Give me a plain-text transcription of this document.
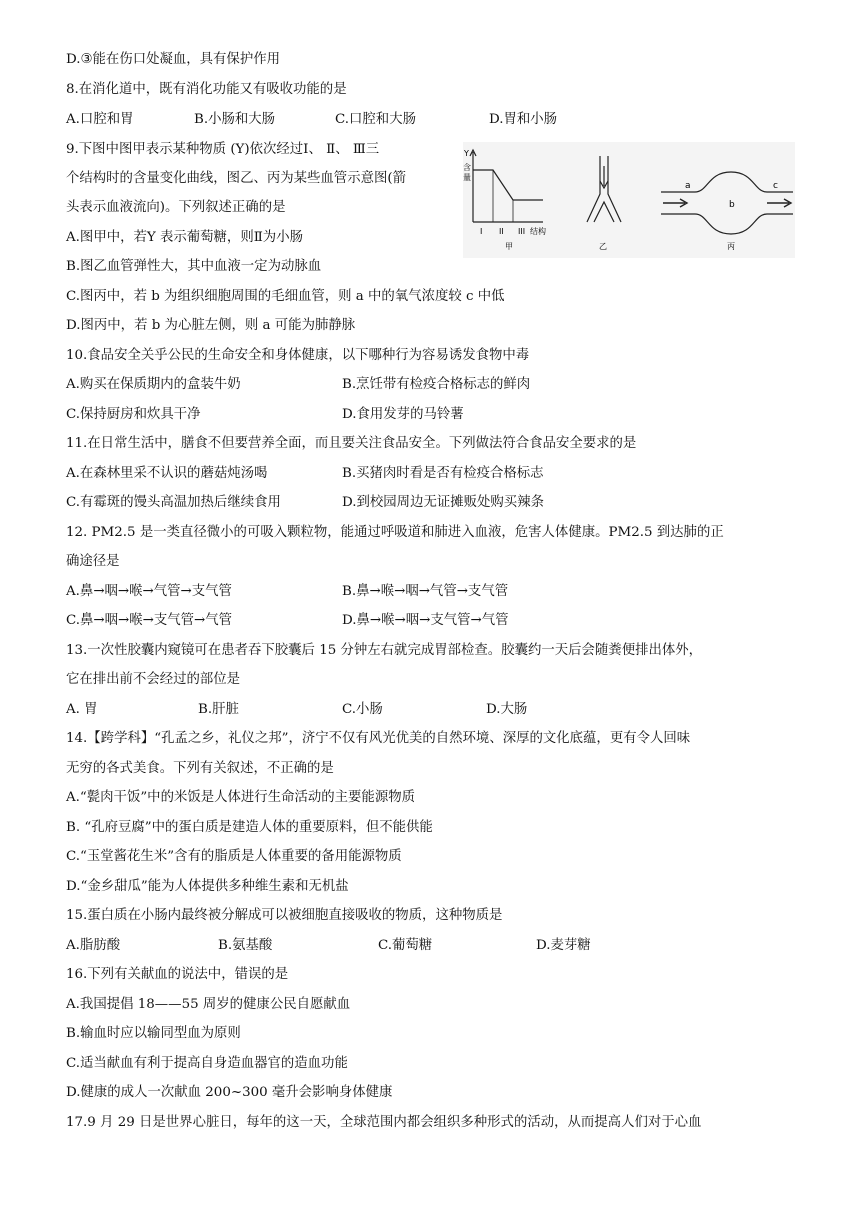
D.③能在伤口处凝血，具有保护作用
8.在消化道中，既有消化功能又有吸收功能的是
A.口腔和胃	B.小肠和大肠	C.口腔和大肠	D.胃和小肠
9.下图中图甲表示某种物质 (Y)依次经过Ⅰ、 Ⅱ、 Ⅲ三
个结构时的含量变化曲线，图乙、丙为某些血管示意图(箭
头表示血液流向)。下列叙述正确的是
Y
含
量
I II III 结构
甲	乙
a
b
c
丙
A.图甲中，若Y 表示葡萄糖，则Ⅱ为小肠
B.图乙血管弹性大，其中血液一定为动脉血
C.图丙中，若 b 为组织细胞周围的毛细血管，则 a 中的氧气浓度较 c 中低
D.图丙中，若 b 为心脏左侧，则 a 可能为肺静脉
10.食品安全关乎公民的生命安全和身体健康，以下哪种行为容易诱发食物中毒
A.购买在保质期内的盒装牛奶	B.烹饪带有检疫合格标志的鲜肉
C.保持厨房和炊具干净	D.食用发芽的马铃薯
11.在日常生活中，膳食不但要营养全面，而且要关注食品安全。下列做法符合食品安全要求的是
A.在森林里采不认识的蘑菇炖汤喝	B.买猪肉时看是否有检疫合格标志
C.有霉斑的馒头高温加热后继续食用	D.到校园周边无证摊贩处购买辣条
12. PM2.5 是一类直径微小的可吸入颗粒物，能通过呼吸道和肺进入血液，危害人体健康。PM2.5 到达肺的正
确途径是
A.鼻→咽→喉→气管→支气管	B.鼻→喉→咽→气管→支气管
C.鼻→咽→喉→支气管→气管	D.鼻→喉→咽→支气管→气管
13.一次性胶囊内窥镜可在患者吞下胶囊后 15 分钟左右就完成胃部检查。胶囊约一天后会随粪便排出体外，
它在排出前不会经过的部位是
A. 胃	B.肝脏	C.小肠	D.大肠
14.【跨学科】“孔孟之乡，礼仪之邦”，济宁不仅有风光优美的自然环境、深厚的文化底蕴，更有令人回味
无穷的各式美食。下列有关叙述，不正确的是
A.“甏肉干饭”中的米饭是人体进行生命活动的主要能源物质
B. “孔府豆腐”中的蛋白质是建造人体的重要原料，但不能供能
C.“玉堂酱花生米”含有的脂质是人体重要的备用能源物质
D.“金乡甜瓜”能为人体提供多种维生素和无机盐
15.蛋白质在小肠内最终被分解成可以被细胞直接吸收的物质，这种物质是
A.脂肪酸	B.氨基酸	C.葡萄糖	D.麦芽糖
16.下列有关献血的说法中，错误的是
A.我国提倡 18——55 周岁的健康公民自愿献血
B.输血时应以输同型血为原则
C.适当献血有利于提高自身造血器官的造血功能
D.健康的成人一次献血 200~300 毫升会影响身体健康
17.9 月 29 日是世界心脏日，每年的这一天，全球范围内都会组织多种形式的活动，从而提高人们对于心血
